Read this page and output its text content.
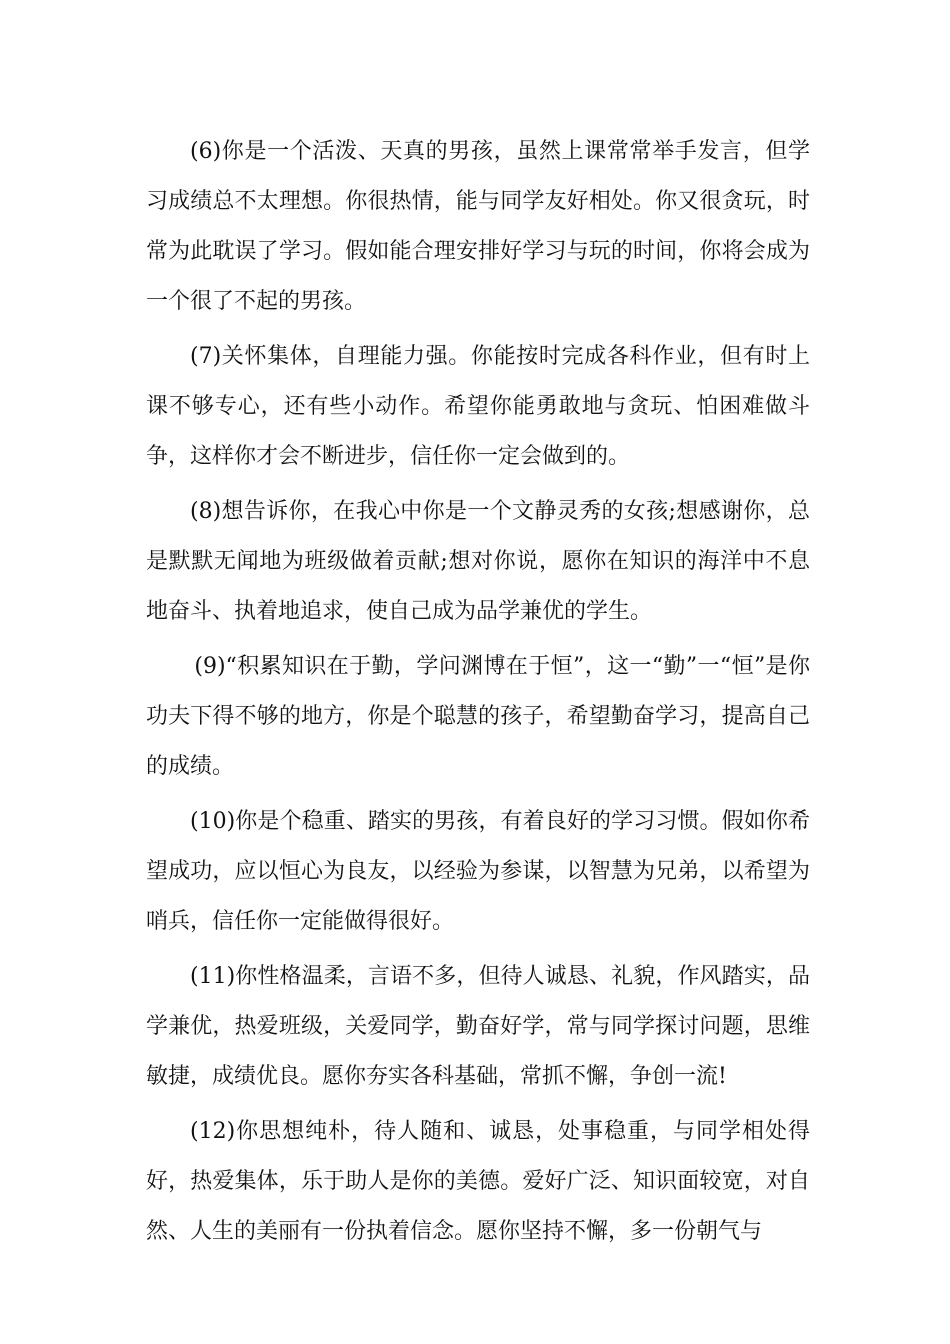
(6)你是一个活泼、天真的男孩，虽然上课常常举手发言，但学习成绩总不太理想。你很热情，能与同学友好相处。你又很贪玩，时常为此耽误了学习。假如能合理安排好学习与玩的时间，你将会成为一个很了不起的男孩。

(7)关怀集体，自理能力强。你能按时完成各科作业，但有时上课不够专心，还有些小动作。希望你能勇敢地与贪玩、怕困难做斗争，这样你才会不断进步，信任你一定会做到的。

(8)想告诉你，在我心中你是一个文静灵秀的女孩;想感谢你，总是默默无闻地为班级做着贡献;想对你说，愿你在知识的海洋中不息地奋斗、执着地追求，使自己成为品学兼优的学生。

(9)“积累知识在于勤，学问渊博在于恒”，这一“勤”一“恒”是你功夫下得不够的地方，你是个聪慧的孩子，希望勤奋学习，提高自己的成绩。

(10)你是个稳重、踏实的男孩，有着良好的学习习惯。假如你希望成功，应以恒心为良友，以经验为参谋，以智慧为兄弟，以希望为哨兵，信任你一定能做得很好。

(11)你性格温柔，言语不多，但待人诚恳、礼貌，作风踏实，品学兼优，热爱班级，关爱同学，勤奋好学，常与同学探讨问题，思维敏捷，成绩优良。愿你夯实各科基础，常抓不懈，争创一流!

(12)你思想纯朴，待人随和、诚恳，处事稳重，与同学相处得好，热爱集体，乐于助人是你的美德。爱好广泛、知识面较宽，对自然、人生的美丽有一份执着信念。愿你坚持不懈，多一份朝气与
